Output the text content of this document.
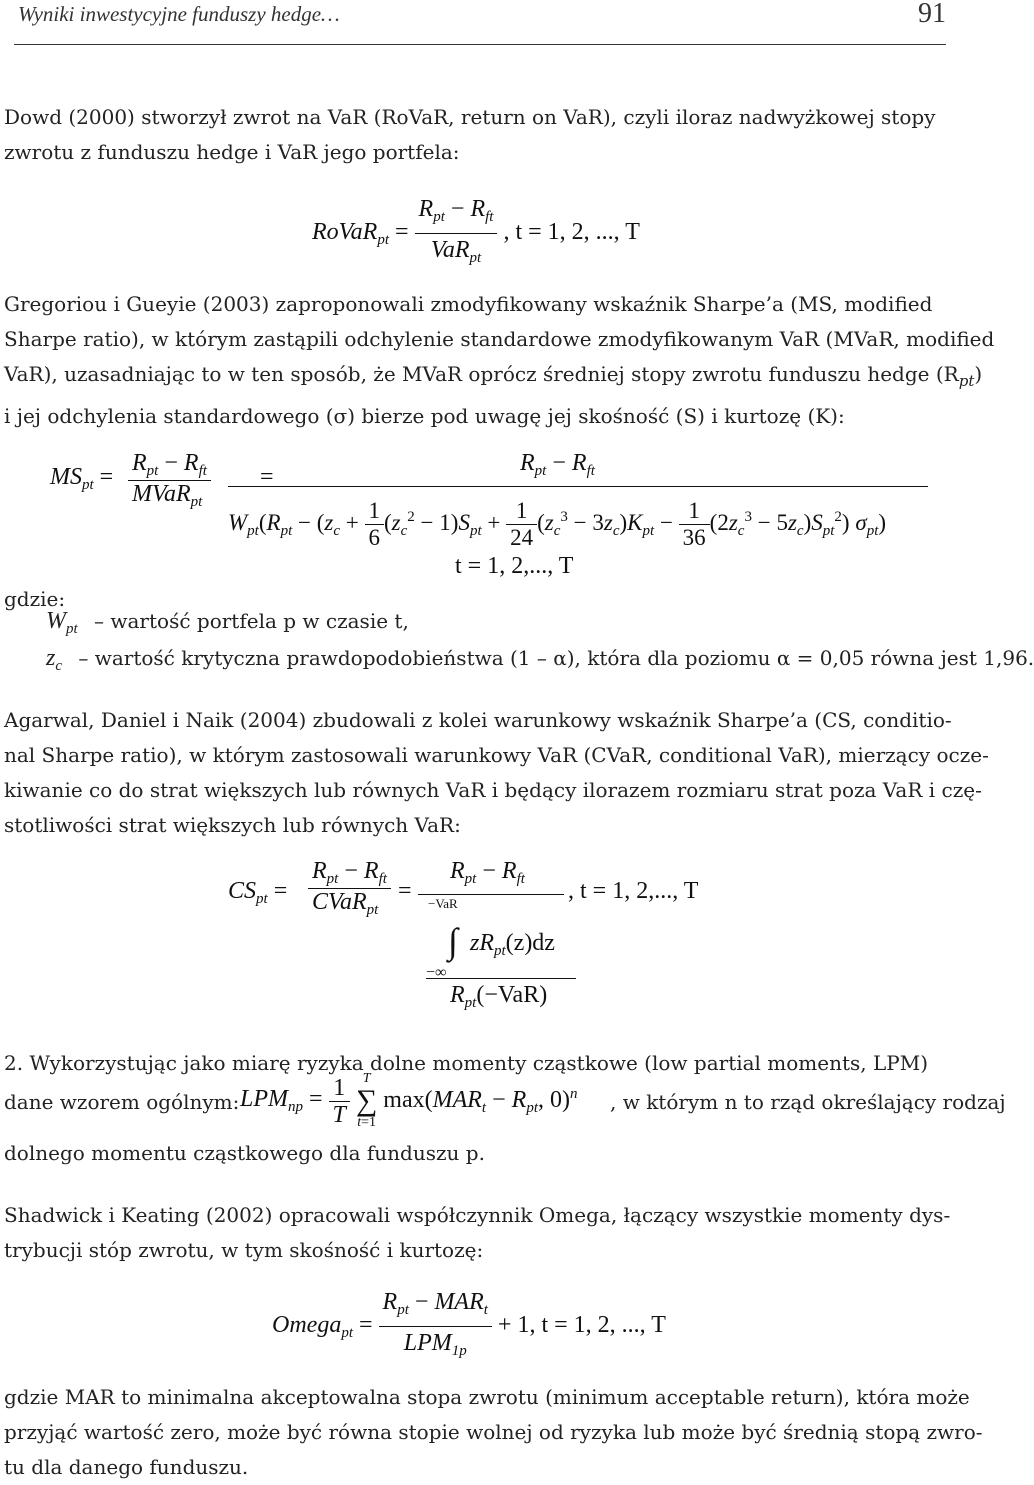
Wyniki inwestycyjne funduszy hedge…	91
Dowd (2000) stworzył zwrot na VaR (RoVaR, return on VaR), czyli iloraz nadwyżkowej stopy
zwrotu z funduszu hedge i VaR jego portfela:
RoVaR$_{pt}$ = $\frac{R_{pt} - R_{ft}}{VaR_{pt}}$ , t = 1, 2, ..., T
Gregoriou i Gueyie (2003) zaproponowali zmodyfikowany wskaźnik Sharpe’a (MS, modified
Sharpe ratio), w którym zastąpili odchylenie standardowe zmodyfikowanym VaR (MVaR, modified
VaR), uzasadniając to w ten sposób, że MVaR oprócz średniej stopy zwrotu funduszu hedge $(R_{pt})$
i jej odchylenia standardowego (σ) bierze pod uwagę jej skośność (S) i kurtozę (K):
$MS_{pt}$ =
$R_{pt} - R_{ft}$
MVaR$_{pt}$
=
$R_{pt} - R_{ft}$
$W_{pt}(R_{pt} - (z_c + \frac{1}{6} (z_c^2 - 1)S_{pt} + \frac{1}{24} (z_c^3 - 3z_c)K_{pt} - \frac{1}{36} (2z_c^3 - 5z_c)S_{pt}^2)$ $\sigma_{pt}$)
t = 1, 2,..., T
gdzie:
$W_{pt}$ – wartość portfela p w czasie t,
$z_c$ – wartość krytyczna prawdopodobieństwa (1 – α), która dla poziomu α = 0,05 równa jest 1,96.
Agarwal, Daniel i Naik (2004) zbudowali z kolei warunkowy wskaźnik Sharpe’a (CS, conditio-
nal Sharpe ratio), w którym zastosowali warunkowy VaR (CVaR, conditional VaR), mierzący ocze-
kiwanie co do strat większych lub równych VaR i będący ilorazem rozmiaru strat poza VaR i czę-
stotliwości strat większych lub równych VaR:
$CS_{pt}$ =
$R_{pt} - R_{ft}$
CVaR$_{pt}$
=
$R_{pt} - R_{ft}$
−VaR
∫ $zR_{pt}(z)dz$
−∞
$R_{pt}(-VaR)$
, t = 1, 2,..., T
2. Wykorzystując jako miarę ryzyka dolne momenty cząstkowe (low partial moments, LPM)
dane wzorem ogólnym: $LPM_{np} = \frac{1}{T}$ T
∑
t=1 $\max(MAR_t - R_{pt}$, 0)$^n$ , w którym n to rząd określający rodzaj
dolnego momentu cząstkowego dla funduszu p.
Shadwick i Keating (2002) opracowali współczynnik Omega, łączący wszystkie momenty dys-
trybucji stóp zwrotu, w tym skośność i kurtozę:
Omega$_{pt}$ = $\frac{R_{pt} - MAR_t}{LPM_{1p}} + 1$, t = 1, 2, ..., T
gdzie MAR to minimalna akceptowalna stopa zwrotu (minimum acceptable return), która może
przyjąć wartość zero, może być równa stopie wolnej od ryzyka lub może być średnią stopą zwro-
tu dla danego funduszu.
